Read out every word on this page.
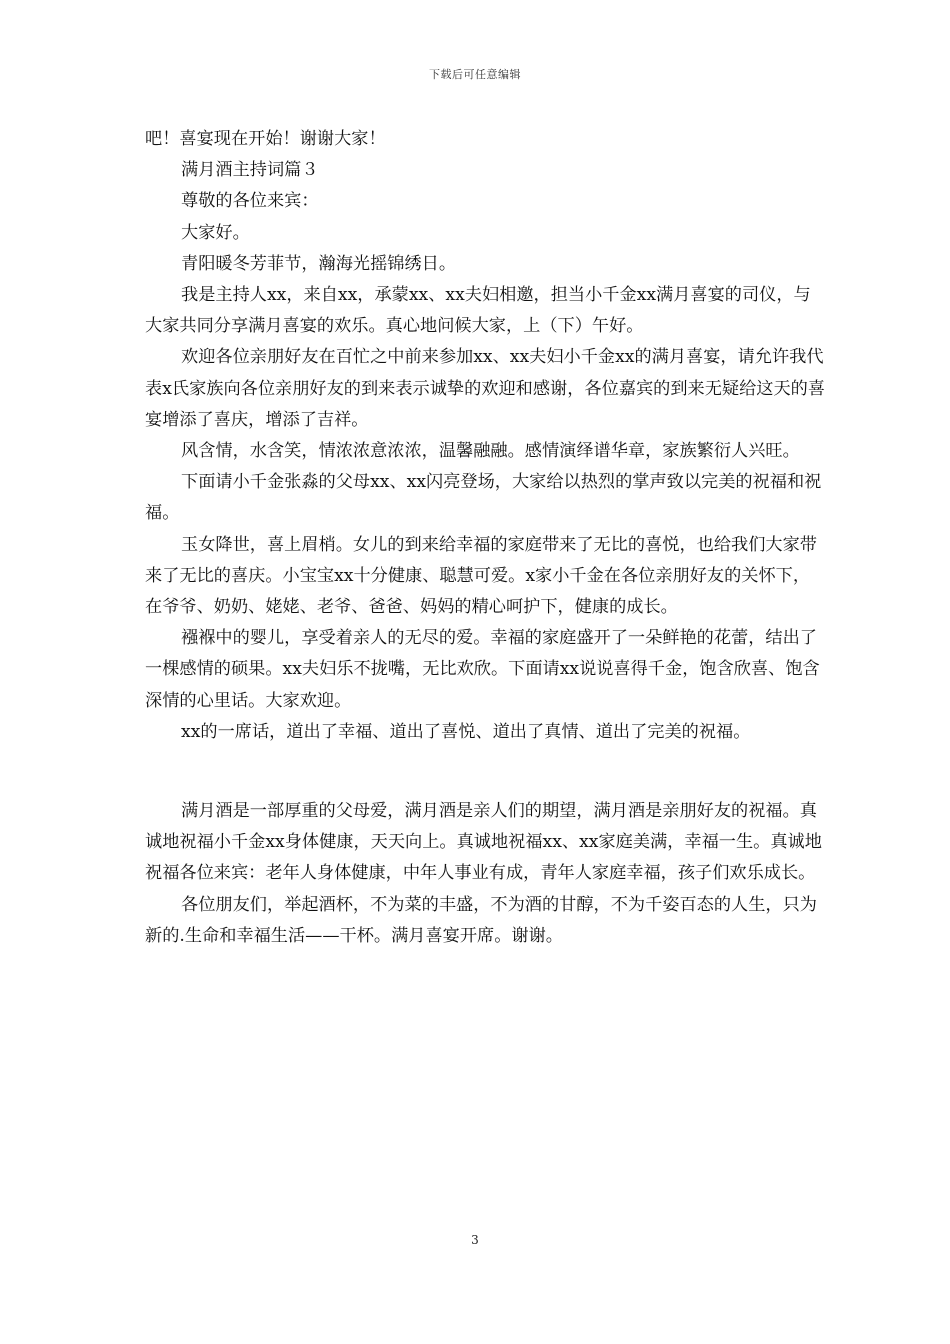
下载后可任意编辑

吧！喜宴现在开始！谢谢大家！

满月酒主持词篇３

尊敬的各位来宾：

大家好。

青阳暖冬芳菲节，瀚海光摇锦绣日。

我是主持人xx，来自xx，承蒙xx、xx夫妇相邀，担当小千金xx满月喜宴的司仪，与大家共同分享满月喜宴的欢乐。真心地问候大家，上（下）午好。

欢迎各位亲朋好友在百忙之中前来参加xx、xx夫妇小千金xx的满月喜宴，请允许我代表x氏家族向各位亲朋好友的到来表示诚挚的欢迎和感谢，各位嘉宾的到来无疑给这天的喜宴增添了喜庆，增添了吉祥。

风含情，水含笑，情浓浓意浓浓，温馨融融。感情演绎谱华章，家族繁衍人兴旺。

下面请小千金张淼的父母xx、xx闪亮登场，大家给以热烈的掌声致以完美的祝福和祝福。

玉女降世，喜上眉梢。女儿的到来给幸福的家庭带来了无比的喜悦，也给我们大家带来了无比的喜庆。小宝宝xx十分健康、聪慧可爱。x家小千金在各位亲朋好友的关怀下，在爷爷、奶奶、姥姥、老爷、爸爸、妈妈的精心呵护下，健康的成长。

襁褓中的婴儿，享受着亲人的无尽的爱。幸福的家庭盛开了一朵鲜艳的花蕾，结出了一棵感情的硕果。xx夫妇乐不拢嘴，无比欢欣。下面请xx说说喜得千金，饱含欣喜、饱含深情的心里话。大家欢迎。

xx的一席话，道出了幸福、道出了喜悦、道出了真情、道出了完美的祝福。

满月酒是一部厚重的父母爱，满月酒是亲人们的期望，满月酒是亲朋好友的祝福。真诚地祝福小千金xx身体健康，天天向上。真诚地祝福xx、xx家庭美满，幸福一生。真诚地祝福各位来宾：老年人身体健康，中年人事业有成，青年人家庭幸福，孩子们欢乐成长。

各位朋友们，举起酒杯，不为菜的丰盛，不为酒的甘醇，不为千姿百态的人生，只为新的.生命和幸福生活——干杯。满月喜宴开席。谢谢。

3
